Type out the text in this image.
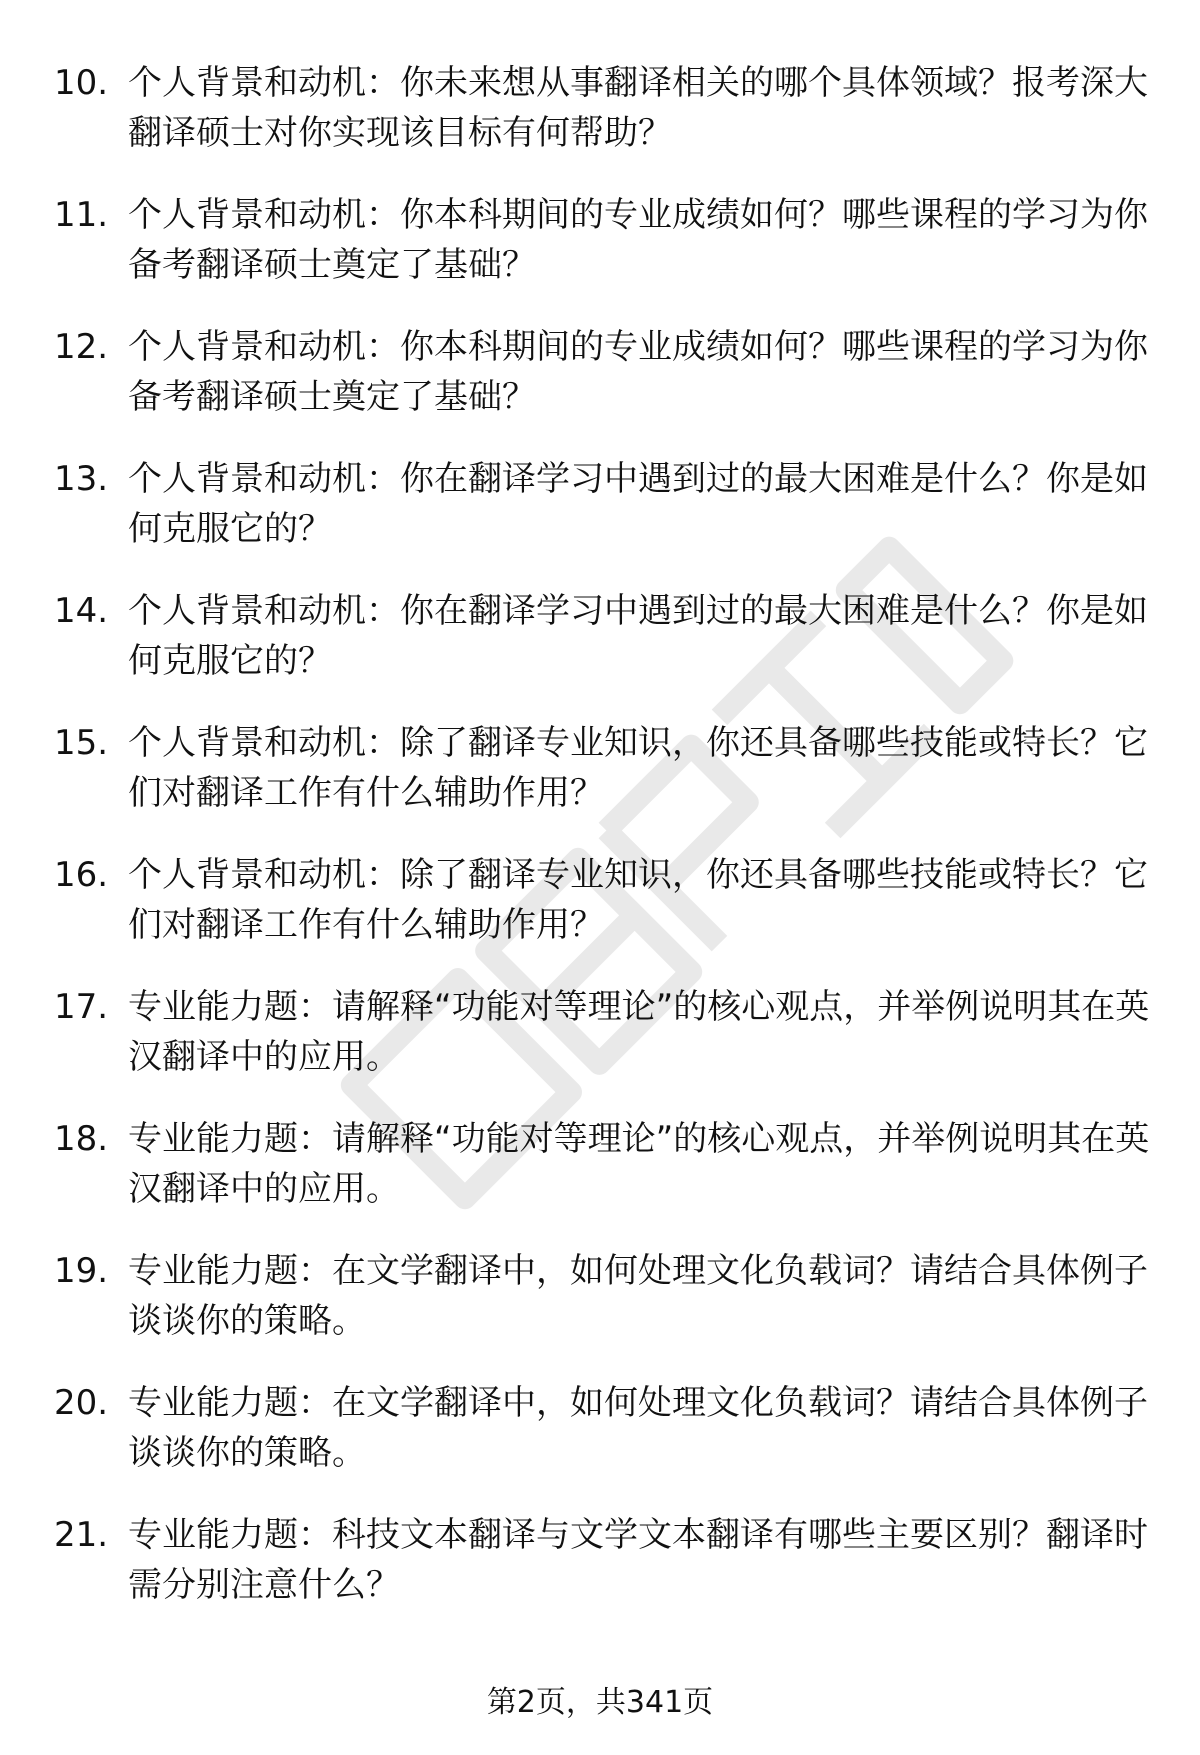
10. 个人背景和动机：你未来想从事翻译相关的哪个具体领域？报考深大翻译硕士对你实现该目标有何帮助？
11. 个人背景和动机：你本科期间的专业成绩如何？哪些课程的学习为你备考翻译硕士奠定了基础？
12. 个人背景和动机：你本科期间的专业成绩如何？哪些课程的学习为你备考翻译硕士奠定了基础？
13. 个人背景和动机：你在翻译学习中遇到过的最大困难是什么？你是如何克服它的？
14. 个人背景和动机：你在翻译学习中遇到过的最大困难是什么？你是如何克服它的？
15. 个人背景和动机：除了翻译专业知识，你还具备哪些技能或特长？它们对翻译工作有什么辅助作用？
16. 个人背景和动机：除了翻译专业知识，你还具备哪些技能或特长？它们对翻译工作有什么辅助作用？
17. 专业能力题：请解释“功能对等理论”的核心观点，并举例说明其在英汉翻译中的应用。
18. 专业能力题：请解释“功能对等理论”的核心观点，并举例说明其在英汉翻译中的应用。
19. 专业能力题：在文学翻译中，如何处理文化负载词？请结合具体例子谈谈你的策略。
20. 专业能力题：在文学翻译中，如何处理文化负载词？请结合具体例子谈谈你的策略。
21. 专业能力题：科技文本翻译与文学文本翻译有哪些主要区别？翻译时需分别注意什么？
第2页，共341页
